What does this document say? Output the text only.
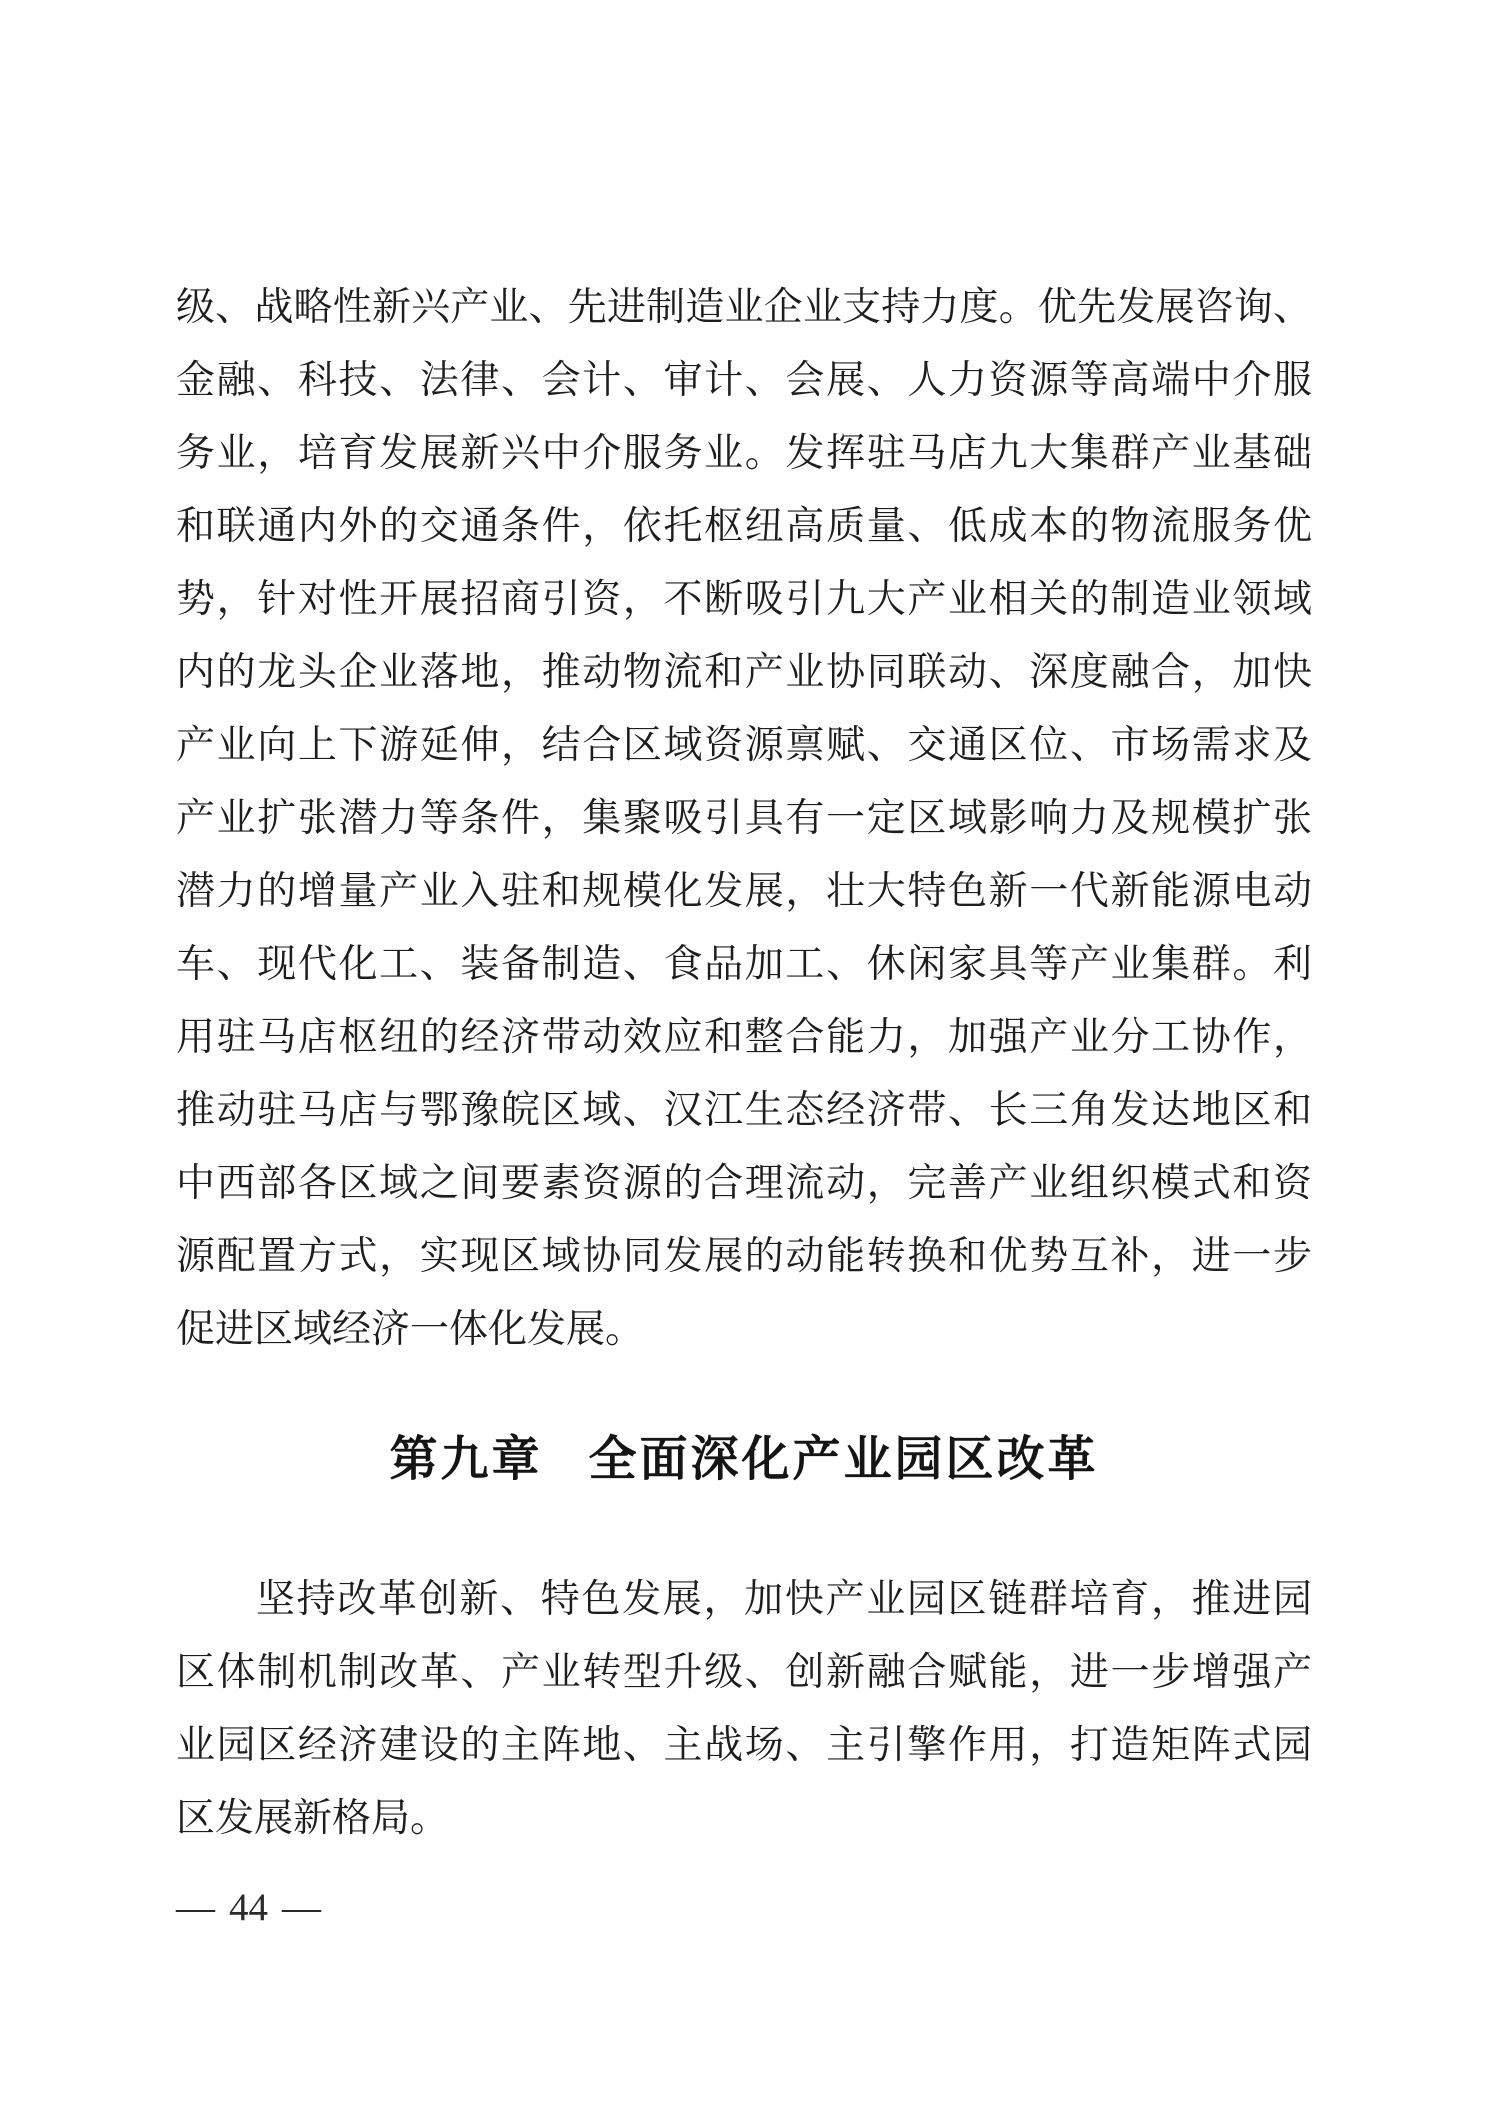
级、战略性新兴产业、先进制造业企业支持力度。优先发展咨询、
金融、科技、法律、会计、审计、会展、人力资源等高端中介服
务业，培育发展新兴中介服务业。发挥驻马店九大集群产业基础
和联通内外的交通条件，依托枢纽高质量、低成本的物流服务优
势，针对性开展招商引资，不断吸引九大产业相关的制造业领域
内的龙头企业落地，推动物流和产业协同联动、深度融合，加快
产业向上下游延伸，结合区域资源禀赋、交通区位、市场需求及
产业扩张潜力等条件，集聚吸引具有一定区域影响力及规模扩张
潜力的增量产业入驻和规模化发展，壮大特色新一代新能源电动
车、现代化工、装备制造、食品加工、休闲家具等产业集群。利
用驻马店枢纽的经济带动效应和整合能力，加强产业分工协作，
推动驻马店与鄂豫皖区域、汉江生态经济带、长三角发达地区和
中西部各区域之间要素资源的合理流动，完善产业组织模式和资
源配置方式，实现区域协同发展的动能转换和优势互补，进一步
促进区域经济一体化发展。
第九章 全面深化产业园区改革
坚持改革创新、特色发展，加快产业园区链群培育，推进园
区体制机制改革、产业转型升级、创新融合赋能，进一步增强产
业园区经济建设的主阵地、主战场、主引擎作用，打造矩阵式园
区发展新格局。
— 44 —
